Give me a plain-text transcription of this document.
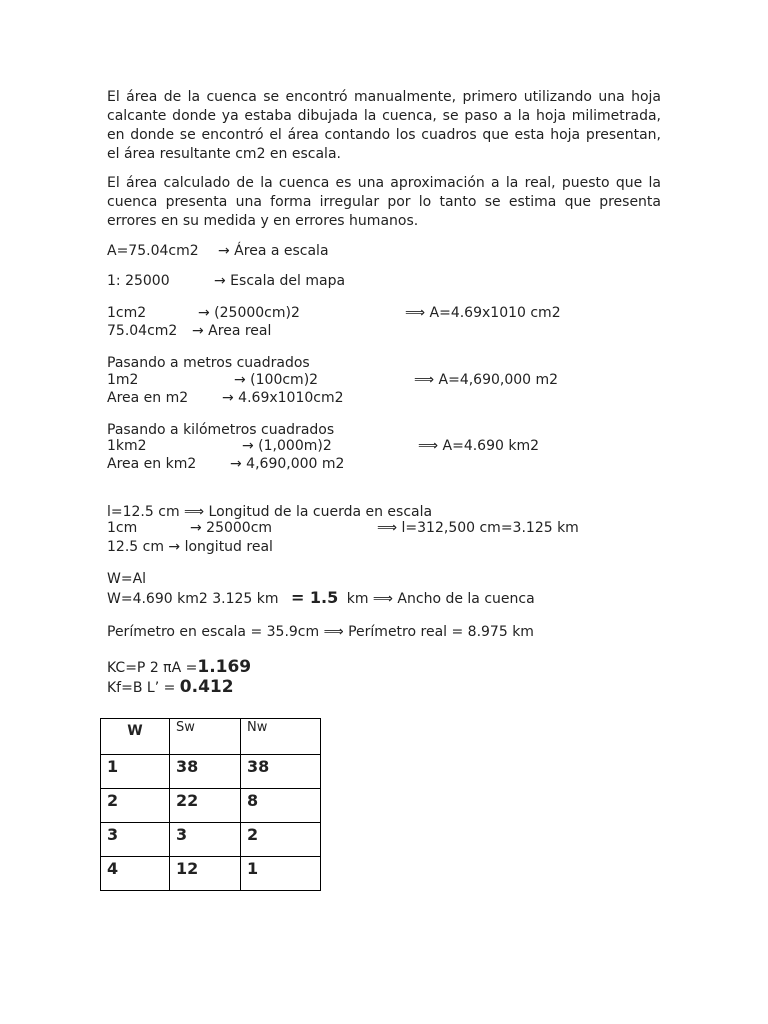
El área de la cuenca se encontró manualmente, primero utilizando una hoja calcante donde ya estaba dibujada la cuenca, se paso a la hoja milimetrada, en donde se encontró el área contando los cuadros que esta hoja presentan, el área resultante cm2 en escala.

El área calculado de la cuenca es una aproximación a la real, puesto que la cuenca presenta una forma irregular por lo tanto se estima que presenta errores en su medida y en errores humanos.

A=75.04cm2 → Área a escala
1: 25000	→ Escala del mapa
1cm2	→ (25000cm)2	⟹ A=4.69x1010 cm2
75.04cm2 → Area real
Pasando a metros cuadrados
1m2	→ (100cm)2	⟹ A=4,690,000 m2
Area en m2 → 4.69x1010cm2
Pasando a kilómetros cuadrados
1km2	→ (1,000m)2	⟹ A=4.690 km2
Area en km2 → 4,690,000 m2
l=12.5 cm ⟹ Longitud de la cuerda en escala
1cm	→ 25000cm	⟹ l=312,500 cm=3.125 km
12.5 cm → longitud real
W=Al
W=4.690 km2 3.125 km = 1.5 km ⟹ Ancho de la cuenca
Perímetro en escala = 35.9cm ⟹ Perímetro real = 8.975 km
KC=P 2 πA =1.169
Kf=B L’ = 0.412
W	Sw	Nw
1	38	38
2	22	8
3	3	2
4	12	1
